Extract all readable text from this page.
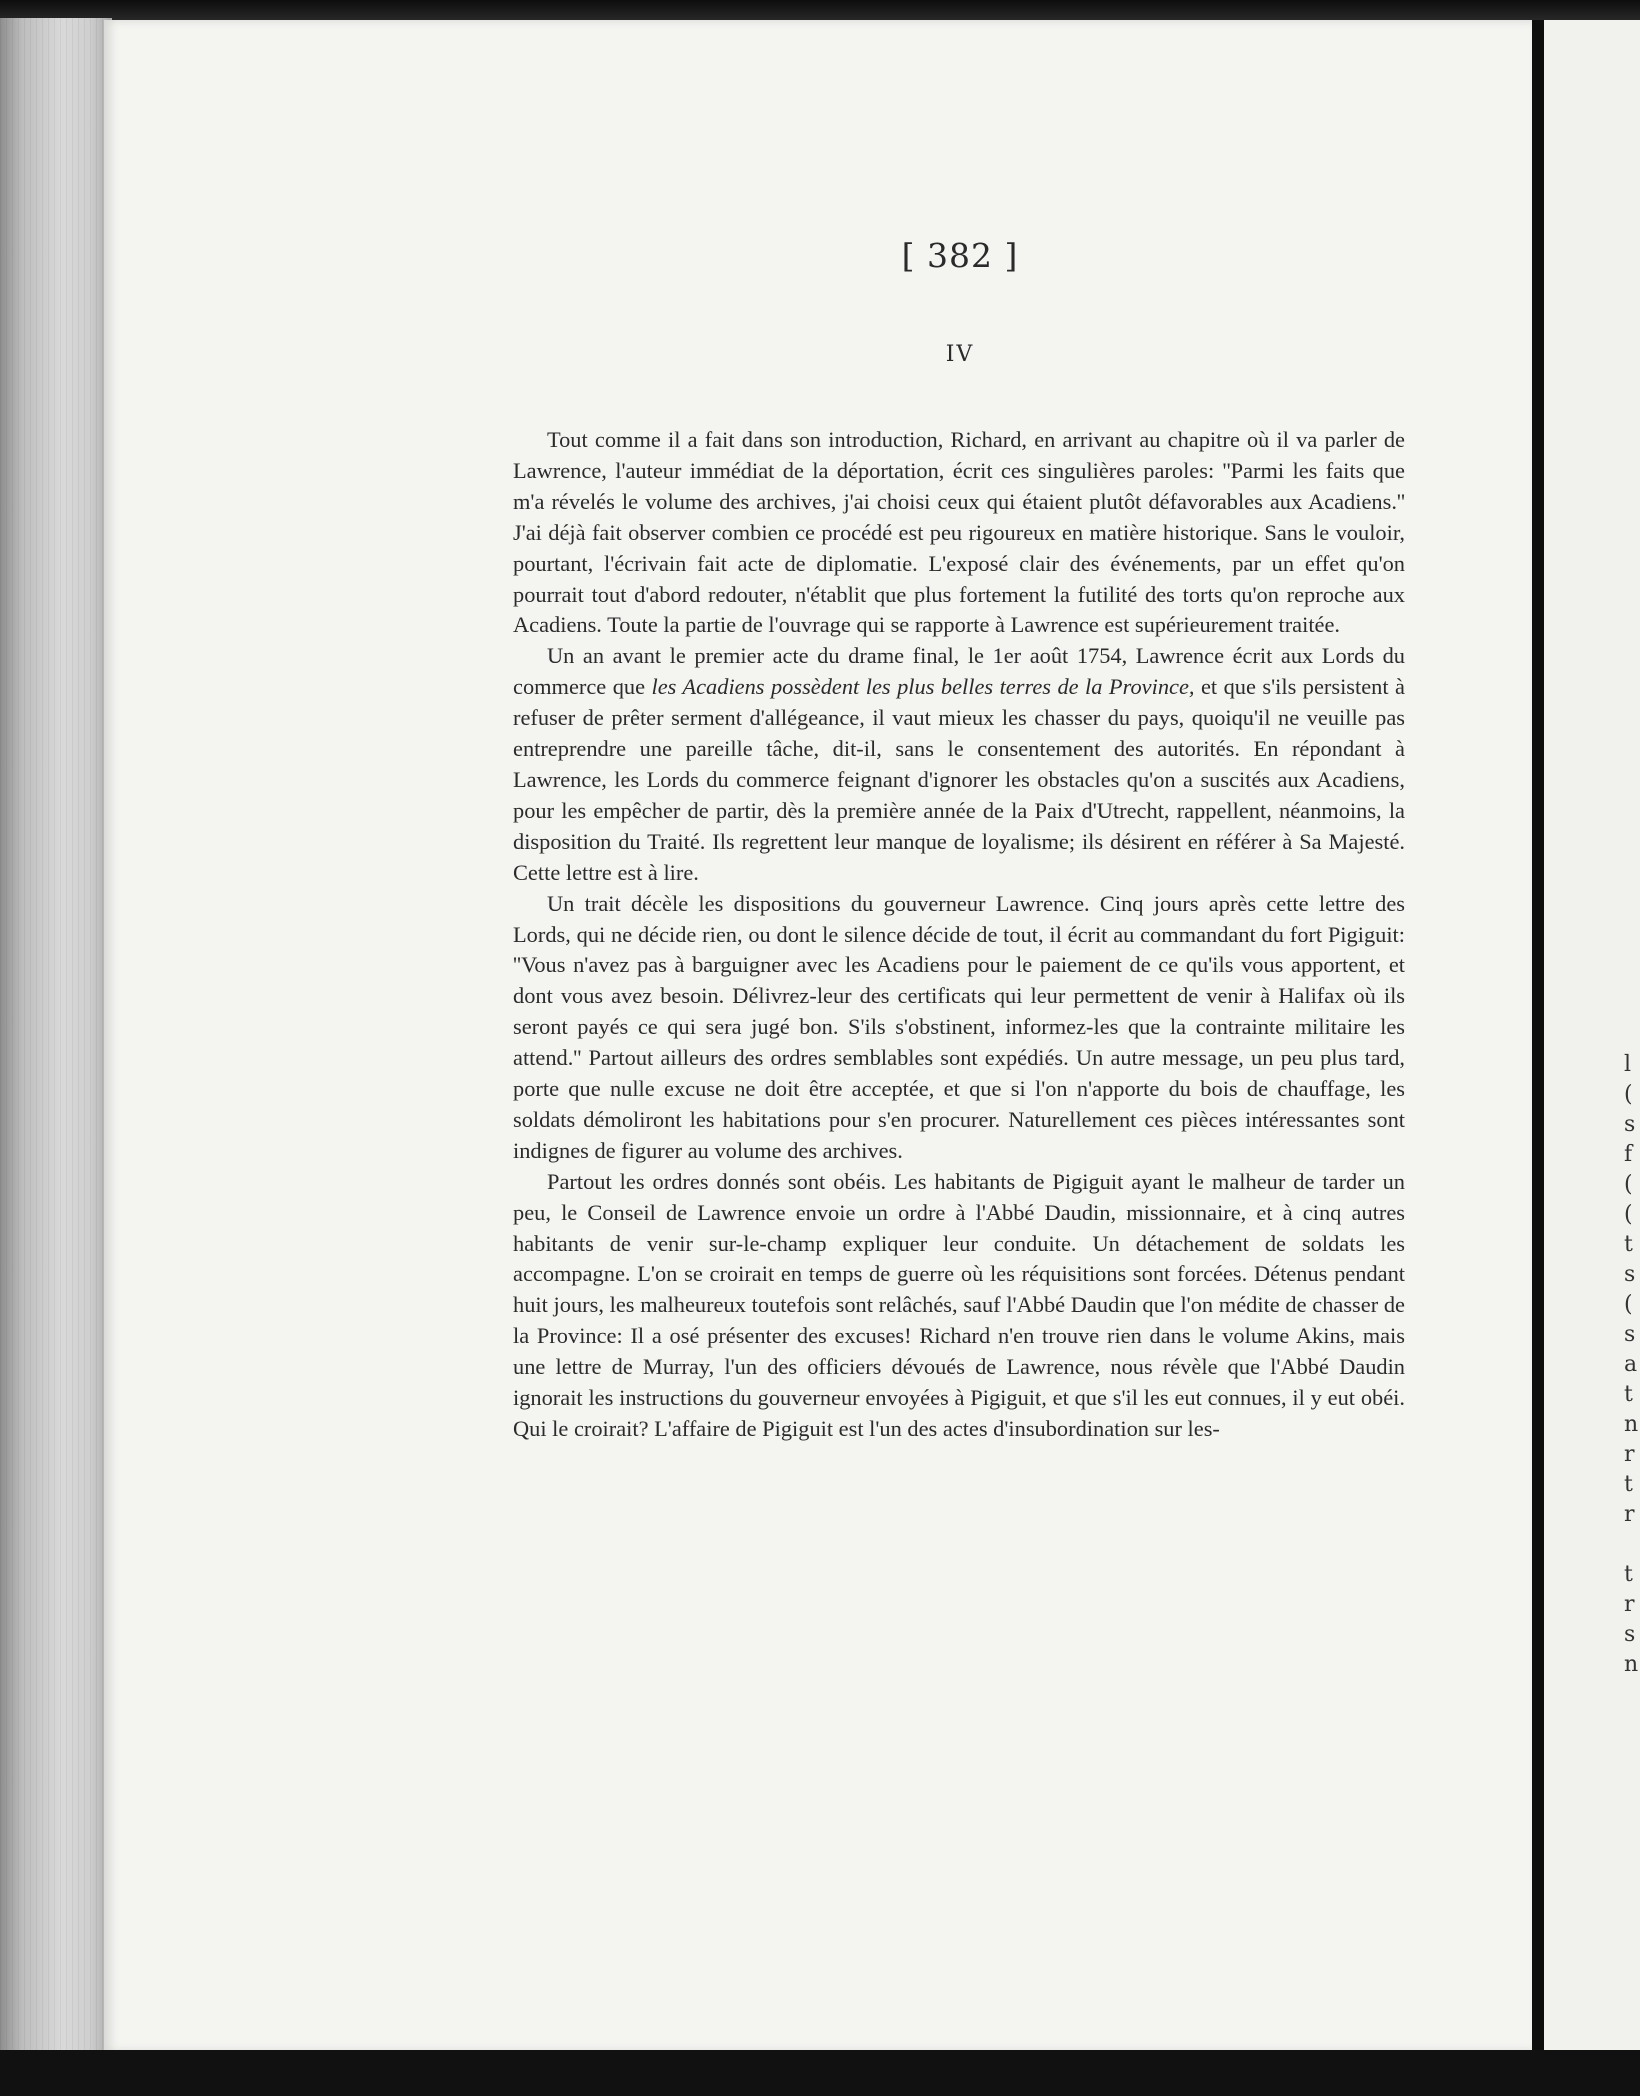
l
(
s
f
(
(
t
s
(
s
a
t
n
r
t
r

t
r
s
n
[ 382 ]
IV

Tout comme il a fait dans son introduction, Richard, en arrivant au chapitre où il va parler de Lawrence, l'auteur immédiat de la déportation, écrit ces singulières paroles: ''Parmi les faits que m'a révelés le volume des archives, j'ai choisi ceux qui étaient plutôt défavorables aux Acadiens.'' J'ai déjà fait observer combien ce procédé est peu rigoureux en matière historique. Sans le vouloir, pourtant, l'écrivain fait acte de diplomatie. L'exposé clair des événements, par un effet qu'on pourrait tout d'abord redouter, n'établit que plus fortement la futilité des torts qu'on reproche aux Acadiens. Toute la partie de l'ouvrage qui se rapporte à Lawrence est supérieurement traitée.

Un an avant le premier acte du drame final, le 1er août 1754, Lawrence écrit aux Lords du commerce que les Acadiens possèdent les plus belles terres de la Province, et que s'ils persistent à refuser de prêter serment d'allégeance, il vaut mieux les chasser du pays, quoiqu'il ne veuille pas entreprendre une pareille tâche, dit-il, sans le consentement des autorités. En répondant à Lawrence, les Lords du commerce feignant d'ignorer les obstacles qu'on a suscités aux Acadiens, pour les empêcher de partir, dès la première année de la Paix d'Utrecht, rappellent, néanmoins, la disposition du Traité. Ils regrettent leur manque de loyalisme; ils désirent en référer à Sa Majesté. Cette lettre est à lire.

Un trait décèle les dispositions du gouverneur Lawrence. Cinq jours après cette lettre des Lords, qui ne décide rien, ou dont le silence décide de tout, il écrit au commandant du fort Pigiguit: ''Vous n'avez pas à barguigner avec les Acadiens pour le paiement de ce qu'ils vous apportent, et dont vous avez besoin. Délivrez-leur des certificats qui leur permettent de venir à Halifax où ils seront payés ce qui sera jugé bon. S'ils s'obstinent, informez-les que la contrainte militaire les attend.'' Partout ailleurs des ordres semblables sont expédiés. Un autre message, un peu plus tard, porte que nulle excuse ne doit être acceptée, et que si l'on n'apporte du bois de chauffage, les soldats démoliront les habitations pour s'en procurer. Naturellement ces pièces intéressantes sont indignes de figurer au volume des archives.

Partout les ordres donnés sont obéis. Les habitants de Pigiguit ayant le malheur de tarder un peu, le Conseil de Lawrence envoie un ordre à l'Abbé Daudin, missionnaire, et à cinq autres habitants de venir sur-le-champ expliquer leur conduite. Un détachement de soldats les accompagne. L'on se croirait en temps de guerre où les réquisitions sont forcées. Détenus pendant huit jours, les malheureux toutefois sont relâchés, sauf l'Abbé Daudin que l'on médite de chasser de la Province: Il a osé présenter des excuses! Richard n'en trouve rien dans le volume Akins, mais une lettre de Murray, l'un des officiers dévoués de Lawrence, nous révèle que l'Abbé Daudin ignorait les instructions du gouverneur envoyées à Pigiguit, et que s'il les eut connues, il y eut obéi. Qui le croirait? L'affaire de Pigiguit est l'un des actes d'insubordination sur les-
